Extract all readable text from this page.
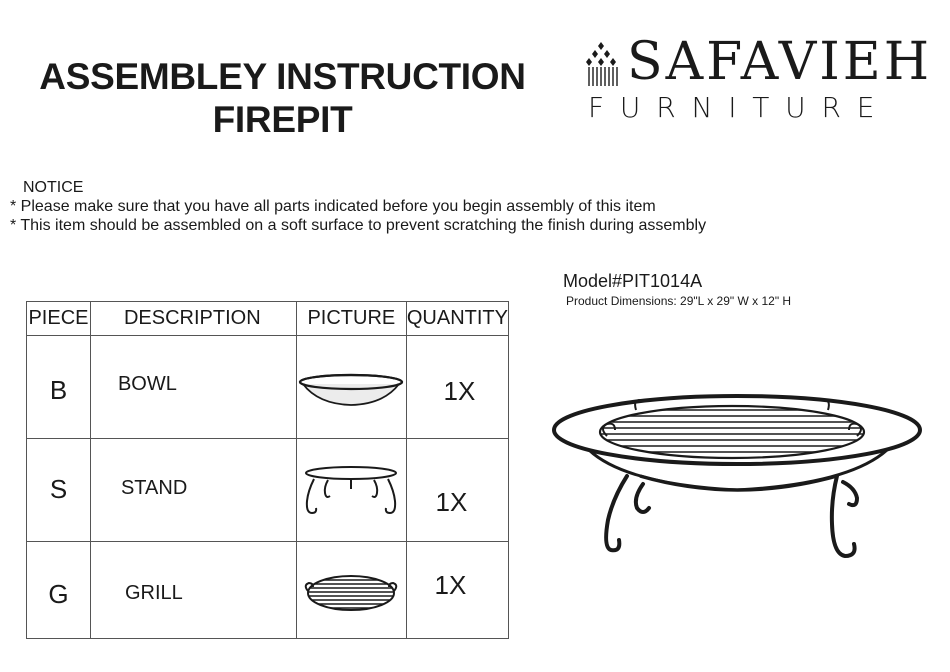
ASSEMBLEY INSTRUCTION
FIREPIT
SAFAVIEH
FURNITURE
NOTICE
* Please make sure that you have all parts indicated before you begin assembly of this item
* This item should be assembled on a soft surface to prevent scratching the finish during assembly
Model#PIT1014A
Product Dimensions: 29"L x 29" W x 12" H
PIECE	DESCRIPTION	PICTURE	QUANTITY
B	BOWL		1X
S	STAND		1X
G	GRILL		1X
